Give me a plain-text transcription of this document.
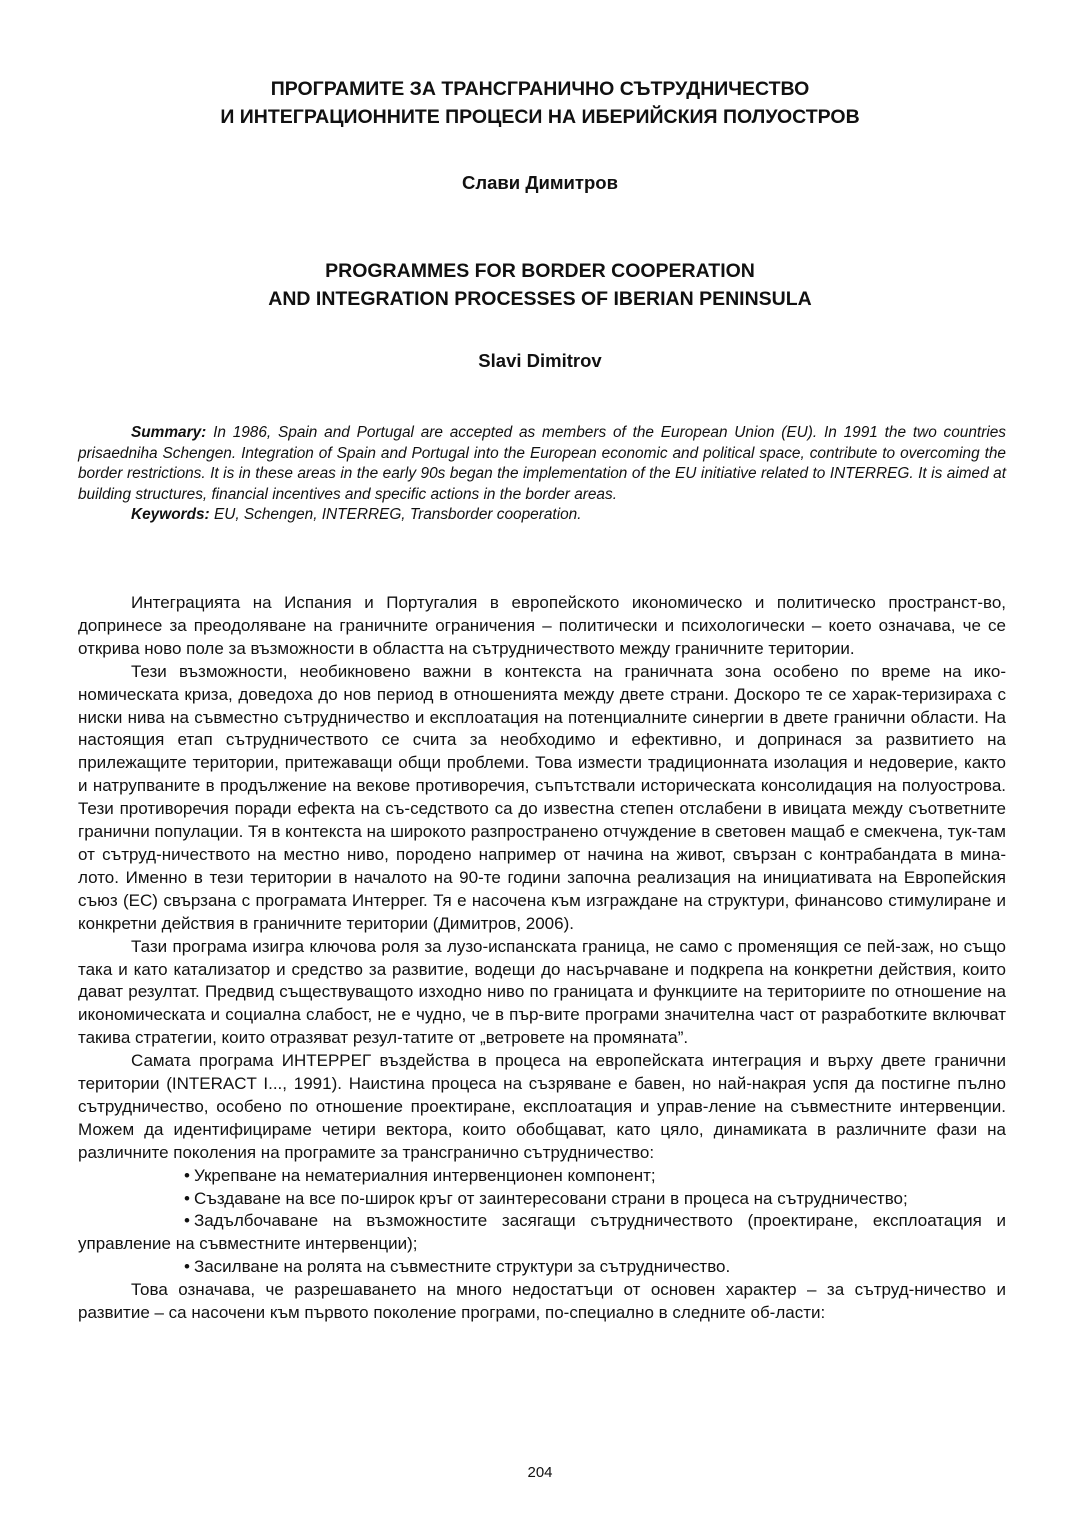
ПРОГРАМИТЕ ЗА ТРАНСГРАНИЧНО СЪТРУДНИЧЕСТВО
И ИНТЕГРАЦИОННИТЕ ПРОЦЕСИ НА ИБЕРИЙСКИЯ ПОЛУОСТРОВ
Слави Димитров
PROGRAMMES FOR BORDER COOPERATION
AND INTEGRATION PROCESSES OF IBERIAN PENINSULA
Slavi Dimitrov

Summary: In 1986, Spain and Portugal are accepted as members of the European Union (EU). In 1991 the two countries prisaedniha Schengen. Integration of Spain and Portugal into the European economic and political space, contribute to overcoming the border restrictions. It is in these areas in the early 90s began the implementation of the EU initiative related to INTERREG. It is aimed at building structures, financial incentives and specific actions in the border areas.

Keywords: EU, Schengen, INTERREG, Transborder cooperation.

Интеграцията на Испания и Португалия в европейското икономическо и политическо пространст-во, допринесе за преодоляване на граничните ограничения – политически и психологически – което означава, че се открива ново поле за възможности в областта на сътрудничеството между граничните територии.

Тези възможности, необикновено важни в контекста на граничната зона особено по време на ико-номическата криза, доведоха до нов период в отношенията между двете страни. Доскоро те се харак-теризираха с ниски нива на съвместно сътрудничество и експлоатация на потенциалните синергии в двете гранични области. На настоящия етап сътрудничеството се счита за необходимо и ефективно, и допринася за развитието на прилежащите територии, притежаващи общи проблеми. Това измести традиционната изолация и недоверие, както и натрупваните в продължение на векове противоречия, съпътствали историческата консолидация на полуострова. Тези противоречия поради ефекта на съ-седството са до известна степен отслабени в ивицата между съответните гранични популации. Тя в контекста на широкото разпространено отчуждение в световен мащаб е смекчена, тук-там от сътруд-ничеството на местно ниво, породено например от начина на живот, свързан с контрабандата в мина-лото. Именно в тези територии в началото на 90-те години започна реализация на инициативата на Европейския съюз (ЕС) свързана с програмата Интеррег. Тя е насочена към изграждане на структури, финансово стимулиране и конкретни действия в граничните територии (Димитров, 2006).

Тази програма изигра ключова роля за лузо-испанската граница, не само с променящия се пей-заж, но също така и като катализатор и средство за развитие, водещи до насърчаване и подкрепа на конкретни действия, които дават резултат. Предвид съществуващото изходно ниво по границата и функциите на териториите по отношение на икономическата и социална слабост, не е чудно, че в пър-вите програми значителна част от разработките включват такива стратегии, които отразяват резул-татите от „ветровете на промяната”.

Самата програма ИНТЕРРЕГ въздейства в процеса на европейската интеграция и върху двете гранични територии (INTERACT I..., 1991). Наистина процеса на съзряване е бавен, но най-накрая успя да постигне пълно сътрудничество, особено по отношение проектиране, експлоатация и управ-ление на съвместните интервенции. Можем да идентифицираме четири вектора, които обобщават, като цяло, динамиката в различните фази на различните поколения на програмите за трансгранично сътрудничество:

• Укрепване на нематериалния интервенционен компонент;

• Създаване на все по-широк кръг от заинтересовани страни в процеса на сътрудничество;

• Задълбочаване на възможностите засягащи сътрудничеството (проектиране, експлоатация и управление на съвместните интервенции);

• Засилване на ролята на съвместните структури за сътрудничество.

Това означава, че разрешаването на много недостатъци от основен характер – за сътруд-ничество и развитие – са насочени към първото поколение програми, по-специално в следните об-ласти:

204
